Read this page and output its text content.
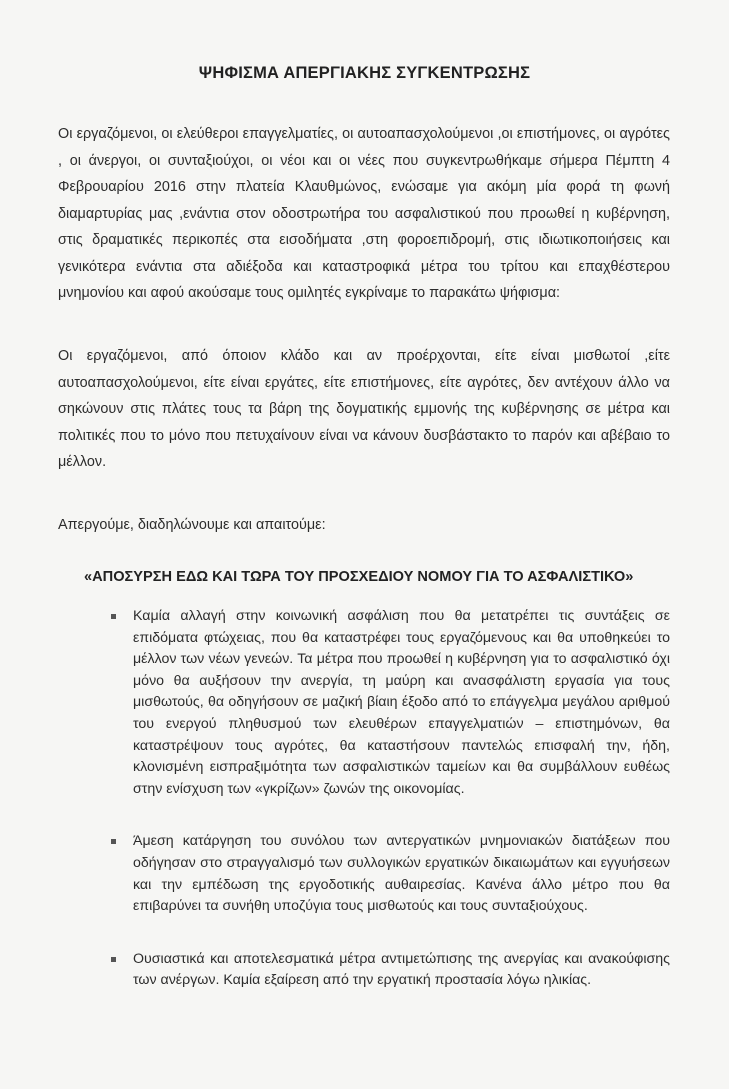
ΨΗΦΙΣΜΑ ΑΠΕΡΓΙΑΚΗΣ ΣΥΓΚΕΝΤΡΩΣΗΣ
Οι εργαζόμενοι, οι ελεύθεροι επαγγελματίες, οι αυτοαπασχολούμενοι ,οι επιστήμονες, οι αγρότες , οι άνεργοι, οι συνταξιούχοι, οι νέοι και οι νέες που συγκεντρωθήκαμε σήμερα Πέμπτη 4 Φεβρουαρίου 2016 στην πλατεία Κλαυθμώνος, ενώσαμε για ακόμη μία φορά τη φωνή διαμαρτυρίας μας ,ενάντια στον οδοστρωτήρα του ασφαλιστικού που προωθεί η κυβέρνηση, στις δραματικές περικοπές στα εισοδήματα ,στη φοροεπιδρομή, στις ιδιωτικοποιήσεις και γενικότερα ενάντια στα αδιέξοδα και καταστροφικά μέτρα του τρίτου και επαχθέστερου μνημονίου και αφού ακούσαμε τους ομιλητές εγκρίναμε το παρακάτω ψήφισμα:
Οι εργαζόμενοι, από όποιον κλάδο και αν προέρχονται, είτε είναι μισθωτοί ,είτε αυτοαπασχολούμενοι, είτε είναι εργάτες, είτε επιστήμονες, είτε αγρότες, δεν αντέχουν άλλο να σηκώνουν στις πλάτες τους τα βάρη της δογματικής εμμονής της κυβέρνησης σε μέτρα και πολιτικές που το μόνο που πετυχαίνουν είναι να κάνουν δυσβάστακτο το παρόν και αβέβαιο το μέλλον.
Απεργούμε, διαδηλώνουμε και απαιτούμε:
«ΑΠΟΣΥΡΣΗ ΕΔΩ ΚΑΙ ΤΩΡΑ ΤΟΥ ΠΡΟΣΧΕΔΙΟΥ ΝΟΜΟΥ ΓΙΑ ΤΟ ΑΣΦΑΛΙΣΤΙΚΟ»
Καμία αλλαγή στην κοινωνική ασφάλιση που θα μετατρέπει τις συντάξεις σε επιδόματα φτώχειας, που θα καταστρέφει τους εργαζόμενους και θα υποθηκεύει το μέλλον των νέων γενεών. Τα μέτρα που προωθεί η κυβέρνηση για το ασφαλιστικό όχι μόνο θα αυξήσουν την ανεργία, τη μαύρη και ανασφάλιστη εργασία για τους μισθωτούς, θα οδηγήσουν σε μαζική βίαιη έξοδο από το επάγγελμα μεγάλου αριθμού του ενεργού πληθυσμού των ελευθέρων επαγγελματιών – επιστημόνων, θα καταστρέψουν τους αγρότες, θα καταστήσουν παντελώς επισφαλή την, ήδη, κλονισμένη εισπραξιμότητα των ασφαλιστικών ταμείων και θα συμβάλλουν ευθέως στην ενίσχυση των «γκρίζων» ζωνών της οικονομίας.
Άμεση κατάργηση του συνόλου των αντεργατικών μνημονιακών διατάξεων που οδήγησαν στο στραγγαλισμό των συλλογικών εργατικών δικαιωμάτων και εγγυήσεων και την εμπέδωση της εργοδοτικής αυθαιρεσίας. Κανένα άλλο μέτρο που θα επιβαρύνει τα συνήθη υποζύγια τους μισθωτούς και τους συνταξιούχους.
Ουσιαστικά και αποτελεσματικά μέτρα αντιμετώπισης της ανεργίας και ανακούφισης των ανέργων. Καμία εξαίρεση από την εργατική προστασία λόγω ηλικίας.
